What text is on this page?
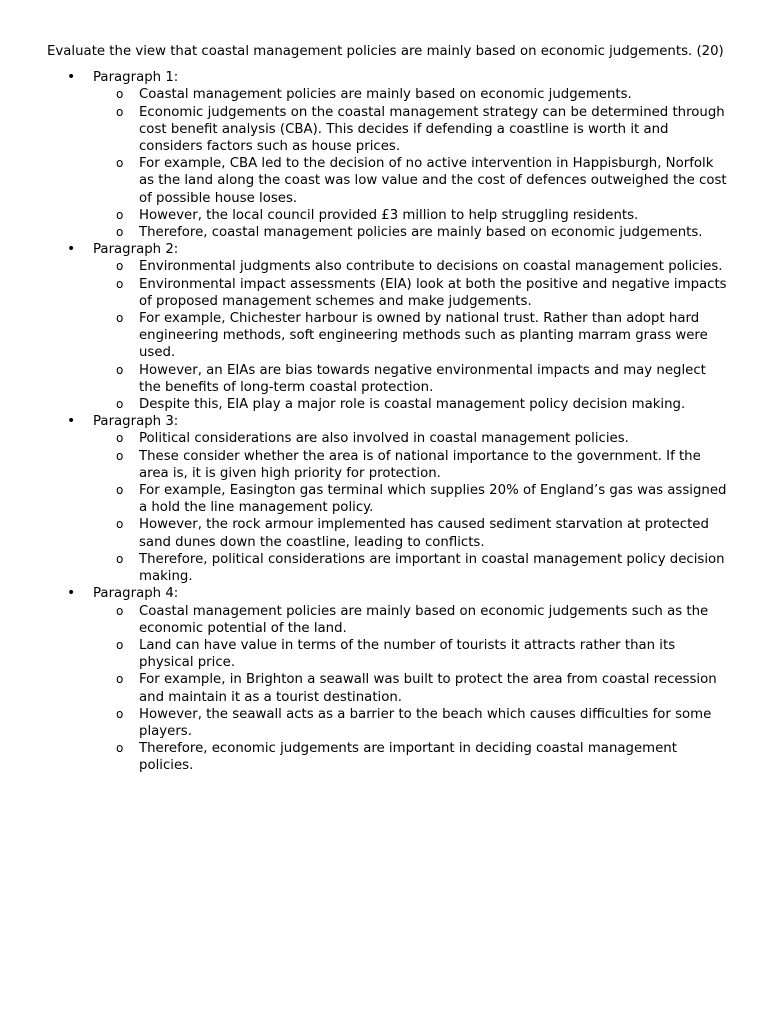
Evaluate the view that coastal management policies are mainly based on economic judgements. (20)

• Paragraph 1:
o Coastal management policies are mainly based on economic judgements.
o Economic judgements on the coastal management strategy can be determined through cost benefit analysis (CBA). This decides if defending a coastline is worth it and considers factors such as house prices.
o For example, CBA led to the decision of no active intervention in Happisburgh, Norfolk as the land along the coast was low value and the cost of defences outweighed the cost of possible house loses.
o However, the local council provided £3 million to help struggling residents.
o Therefore, coastal management policies are mainly based on economic judgements.
• Paragraph 2:
o Environmental judgments also contribute to decisions on coastal management policies.
o Environmental impact assessments (EIA) look at both the positive and negative impacts of proposed management schemes and make judgements.
o For example, Chichester harbour is owned by national trust. Rather than adopt hard engineering methods, soft engineering methods such as planting marram grass were used.
o However, an EIAs are bias towards negative environmental impacts and may neglect the benefits of long-term coastal protection.
o Despite this, EIA play a major role is coastal management policy decision making.
• Paragraph 3:
o Political considerations are also involved in coastal management policies.
o These consider whether the area is of national importance to the government. If the area is, it is given high priority for protection.
o For example, Easington gas terminal which supplies 20% of England’s gas was assigned a hold the line management policy.
o However, the rock armour implemented has caused sediment starvation at protected sand dunes down the coastline, leading to conflicts.
o Therefore, political considerations are important in coastal management policy decision making.
• Paragraph 4:
o Coastal management policies are mainly based on economic judgements such as the economic potential of the land.
o Land can have value in terms of the number of tourists it attracts rather than its physical price.
o For example, in Brighton a seawall was built to protect the area from coastal recession and maintain it as a tourist destination.
o However, the seawall acts as a barrier to the beach which causes difficulties for some players.
o Therefore, economic judgements are important in deciding coastal management policies.
